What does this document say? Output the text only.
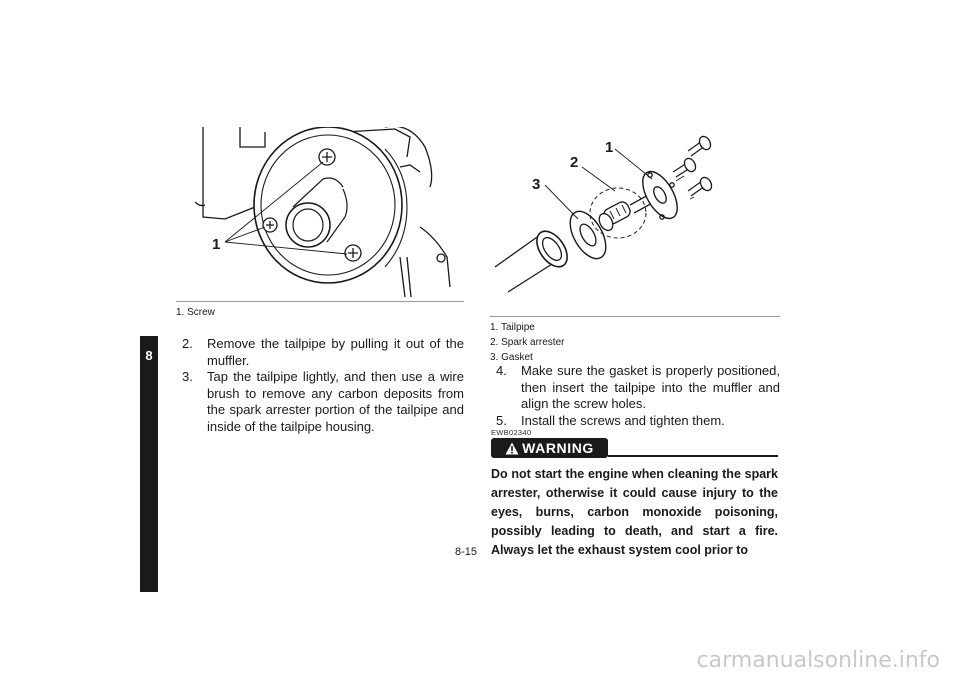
8
1
1. Screw
2.	Remove the tailpipe by pulling it out of the muffler.
3.	Tap the tailpipe lightly, and then use a wire brush to remove any carbon deposits from the spark arrester portion of the tailpipe and inside of the tailpipe housing.
1
2
3
1. Tailpipe
2. Spark arrester
3. Gasket
4.	Make sure the gasket is properly positioned, then insert the tailpipe into the muffler and align the screw holes.
5.	Install the screws and tighten them.
EWB02340
WARNING

Do not start the engine when cleaning the spark arrester, otherwise it could cause injury to the eyes, burns, carbon monoxide poisoning, possibly leading to death, and start a fire. Always let the exhaust system cool prior to

8-15
carmanualsonline.info
